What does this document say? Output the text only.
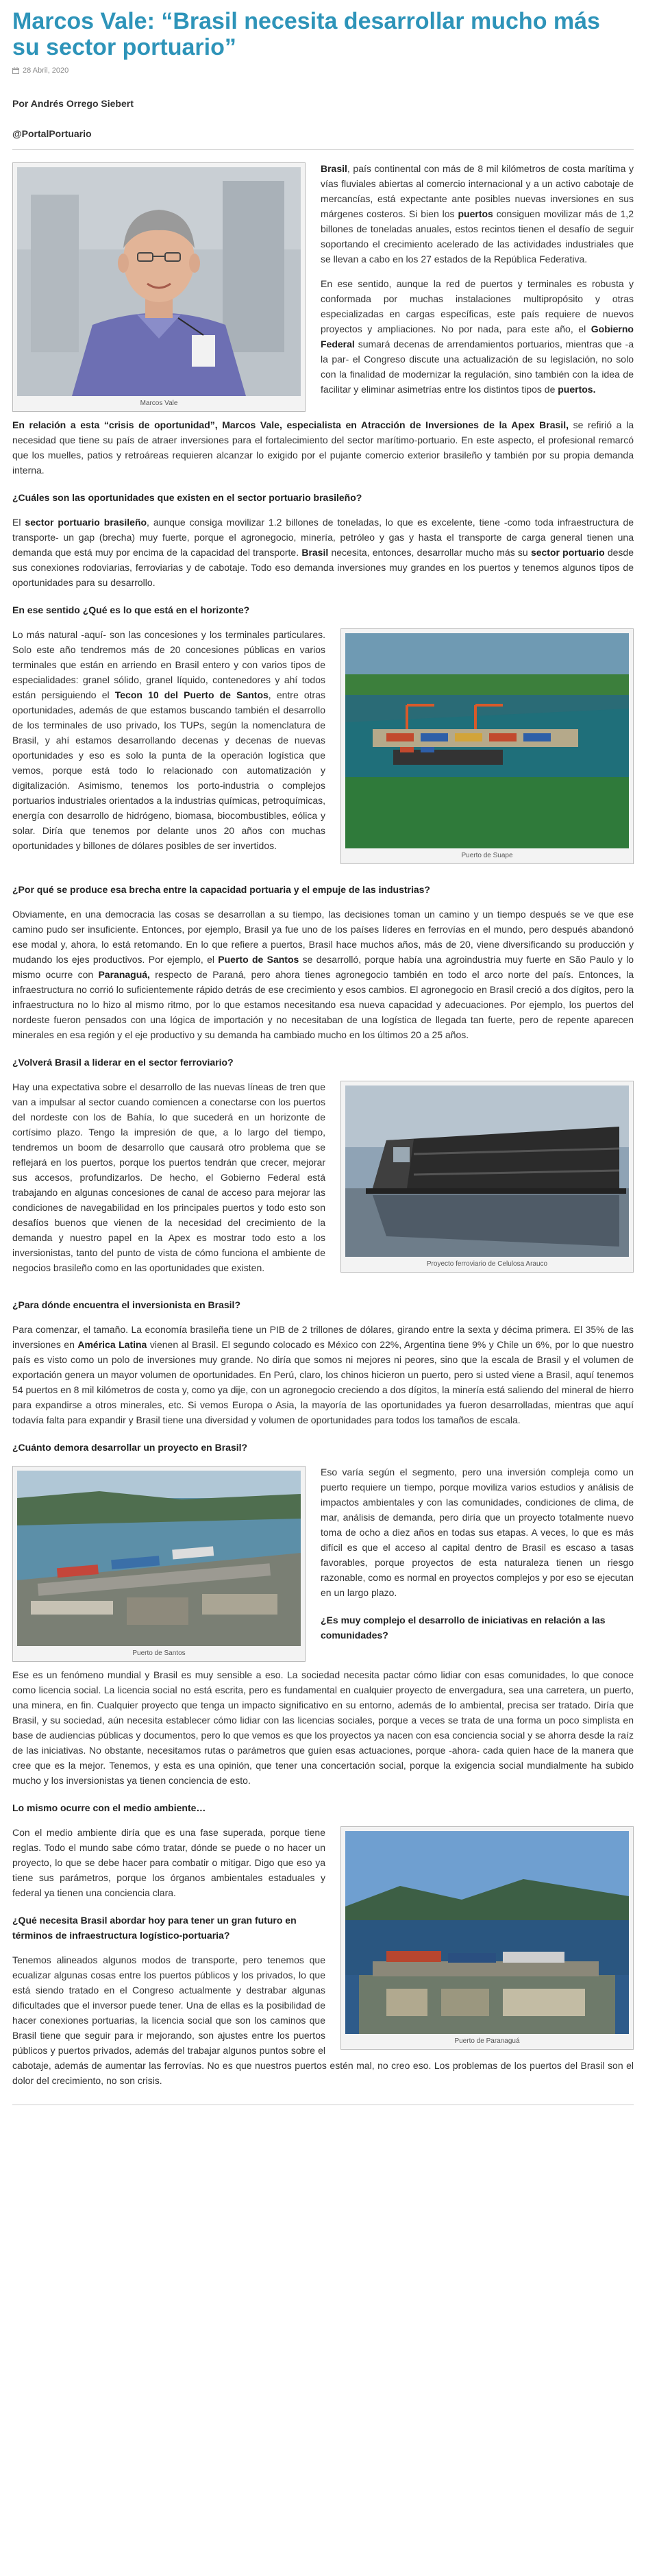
Marcos Vale: “Brasil necesita desarrollar mucho más su sector portuario”
28 Abril, 2020
Por Andrés Orrego Siebert
@PortalPortuario
Marcos Vale

Brasil, país continental con más de 8 mil kilómetros de costa marítima y vías fluviales abiertas al comercio internacional y a un activo cabotaje de mercancías, está expectante ante posibles nuevas inversiones en sus márgenes costeros. Si bien los puertos consiguen movilizar más de 1,2 billones de toneladas anuales, estos recintos tienen el desafío de seguir soportando el crecimiento acelerado de las actividades industriales que se llevan a cabo en los 27 estados de la República Federativa.

En ese sentido, aunque la red de puertos y terminales es robusta y conformada por muchas instalaciones multipropósito y otras especializadas en cargas específicas, este país requiere de nuevos proyectos y ampliaciones. No por nada, para este año, el Gobierno Federal sumará decenas de arrendamientos portuarios, mientras que -a la par- el Congreso discute una actualización de su legislación, no solo con la finalidad de modernizar la regulación, sino también con la idea de facilitar y eliminar asimetrías entre los distintos tipos de puertos.

En relación a esta “crisis de oportunidad”, Marcos Vale, especialista en Atracción de Inversiones de la Apex Brasil, se refirió a la necesidad que tiene su país de atraer inversiones para el fortalecimiento del sector marítimo-portuario. En este aspecto, el profesional remarcó que los muelles, patios y retroáreas requieren alcanzar lo exigido por el pujante comercio exterior brasileño y también por su propia demanda interna.

¿Cuáles son las oportunidades que existen en el sector portuario brasileño?

El sector portuario brasileño, aunque consiga movilizar 1.2 billones de toneladas, lo que es excelente, tiene -como toda infraestructura de transporte- un gap (brecha) muy fuerte, porque el agronegocio, minería, petróleo y gas y hasta el transporte de carga general tienen una demanda que está muy por encima de la capacidad del transporte. Brasil necesita, entonces, desarrollar mucho más su sector portuario desde sus conexiones rodoviarias, ferroviarias y de cabotaje. Todo eso demanda inversiones muy grandes en los puertos y tenemos algunos tipos de oportunidades para su desarrollo.

En ese sentido ¿Qué es lo que está en el horizonte?
Puerto de Suape

Lo más natural -aquí- son las concesiones y los terminales particulares. Solo este año tendremos más de 20 concesiones públicas en varios terminales que están en arriendo en Brasil entero y con varios tipos de especialidades: granel sólido, granel líquido, contenedores y ahí todos están persiguiendo el Tecon 10 del Puerto de Santos, entre otras oportunidades, además de que estamos buscando también el desarrollo de los terminales de uso privado, los TUPs, según la nomenclatura de Brasil, y ahí estamos desarrollando decenas y decenas de nuevas oportunidades y eso es solo la punta de la operación logística que vemos, porque está todo lo relacionado con automatización y digitalización. Asimismo, tenemos los porto-industria o complejos portuarios industriales orientados a la industrias químicas, petroquímicas, energía con desarrollo de hidrógeno, biomasa, biocombustibles, eólica y solar. Diría que tenemos por delante unos 20 años con muchas oportunidades y billones de dólares posibles de ser invertidos.

¿Por qué se produce esa brecha entre la capacidad portuaria y el empuje de las industrias?

Obviamente, en una democracia las cosas se desarrollan a su tiempo, las decisiones toman un camino y un tiempo después se ve que ese camino pudo ser insuficiente. Entonces, por ejemplo, Brasil ya fue uno de los países líderes en ferrovías en el mundo, pero después abandonó ese modal y, ahora, lo está retomando. En lo que refiere a puertos, Brasil hace muchos años, más de 20, viene diversificando su producción y mudando los ejes productivos. Por ejemplo, el Puerto de Santos se desarrolló, porque había una agroindustria muy fuerte en São Paulo y lo mismo ocurre con Paranaguá, respecto de Paraná, pero ahora tienes agronegocio también en todo el arco norte del país. Entonces, la infraestructura no corrió lo suficientemente rápido detrás de ese crecimiento y esos cambios. El agronegocio en Brasil creció a dos dígitos, pero la infraestructura no lo hizo al mismo ritmo, por lo que estamos necesitando esa nueva capacidad y adecuaciones. Por ejemplo, los puertos del nordeste fueron pensados con una lógica de importación y no necesitaban de una logística de llegada tan fuerte, pero de repente aparecen minerales en esa región y el eje productivo y su demanda ha cambiado mucho en los últimos 20 a 25 años.

¿Volverá Brasil a liderar en el sector ferroviario?
Proyecto ferroviario de Celulosa Arauco

Hay una expectativa sobre el desarrollo de las nuevas líneas de tren que van a impulsar al sector cuando comiencen a conectarse con los puertos del nordeste con los de Bahía, lo que sucederá en un horizonte de cortísimo plazo. Tengo la impresión de que, a lo largo del tiempo, tendremos un boom de desarrollo que causará otro problema que se reflejará en los puertos, porque los puertos tendrán que crecer, mejorar sus accesos, profundizarlos. De hecho, el Gobierno Federal está trabajando en algunas concesiones de canal de acceso para mejorar las condiciones de navegabilidad en los principales puertos y todo esto son desafíos buenos que vienen de la necesidad del crecimiento de la demanda y nuestro papel en la Apex es mostrar todo esto a los inversionistas, tanto del punto de vista de cómo funciona el ambiente de negocios brasileño como en las oportunidades que existen.

¿Para dónde encuentra el inversionista en Brasil?

Para comenzar, el tamaño. La economía brasileña tiene un PIB de 2 trillones de dólares, girando entre la sexta y décima primera. El 35% de las inversiones en América Latina vienen al Brasil. El segundo colocado es México con 22%, Argentina tiene 9% y Chile un 6%, por lo que nuestro país es visto como un polo de inversiones muy grande. No diría que somos ni mejores ni peores, sino que la escala de Brasil y el volumen de exportación genera un mayor volumen de oportunidades. En Perú, claro, los chinos hicieron un puerto, pero si usted viene a Brasil, aquí tenemos 54 puertos en 8 mil kilómetros de costa y, como ya dije, con un agronegocio creciendo a dos dígitos, la minería está saliendo del mineral de hierro para expandirse a otros minerales, etc. Si vemos Europa o Asia, la mayoría de las oportunidades ya fueron desarrolladas, mientras que aquí todavía falta para expandir y Brasil tiene una diversidad y volumen de oportunidades para todos los tamaños de escala.

¿Cuánto demora desarrollar un proyecto en Brasil?
Puerto de Santos

Eso varía según el segmento, pero una inversión compleja como un puerto requiere un tiempo, porque moviliza varios estudios y análisis de impactos ambientales y con las comunidades, condiciones de clima, de mar, análisis de demanda, pero diría que un proyecto totalmente nuevo toma de ocho a diez años en todas sus etapas. A veces, lo que es más difícil es que el acceso al capital dentro de Brasil es escaso a tasas favorables, porque proyectos de esta naturaleza tienen un riesgo razonable, como es normal en proyectos complejos y por eso se ejecutan en un largo plazo.

¿Es muy complejo el desarrollo de iniciativas en relación a las comunidades?

Ese es un fenómeno mundial y Brasil es muy sensible a eso. La sociedad necesita pactar cómo lidiar con esas comunidades, lo que conoce como licencia social. La licencia social no está escrita, pero es fundamental en cualquier proyecto de envergadura, sea una carretera, un puerto, una minera, en fin. Cualquier proyecto que tenga un impacto significativo en su entorno, además de lo ambiental, precisa ser tratado. Diría que Brasil, y su sociedad, aún necesita establecer cómo lidiar con las licencias sociales, porque a veces se trata de una forma un poco simplista en base de audiencias públicas y documentos, pero lo que vemos es que los proyectos ya nacen con esa conciencia social y se ahorra desde la raíz de las iniciativas. No obstante, necesitamos rutas o parámetros que guíen esas actuaciones, porque -ahora- cada quien hace de la manera que cree que es la mejor. Tenemos, y esta es una opinión, que tener una concertación social, porque la exigencia social mundialmente ha subido mucho y los inversionistas ya tienen conciencia de esto.

Lo mismo ocurre con el medio ambiente…
Puerto de Paranaguá

Con el medio ambiente diría que es una fase superada, porque tiene reglas. Todo el mundo sabe cómo tratar, dónde se puede o no hacer un proyecto, lo que se debe hacer para combatir o mitigar. Digo que eso ya tiene sus parámetros, porque los órganos ambientales estaduales y federal ya tienen una conciencia clara.

¿Qué necesita Brasil abordar hoy para tener un gran futuro en términos de infraestructura logístico-portuaria?

Tenemos alineados algunos modos de transporte, pero tenemos que ecualizar algunas cosas entre los puertos públicos y los privados, lo que está siendo tratado en el Congreso actualmente y destrabar algunas dificultades que el inversor puede tener. Una de ellas es la posibilidad de hacer conexiones portuarias, la licencia social que son los caminos que Brasil tiene que seguir para ir mejorando, son ajustes entre los puertos públicos y puertos privados, además del trabajar algunos puntos sobre el cabotaje, además de aumentar las ferrovías. No es que nuestros puertos estén mal, no creo eso. Los problemas de los puertos del Brasil son el dolor del crecimiento, no son crisis.
